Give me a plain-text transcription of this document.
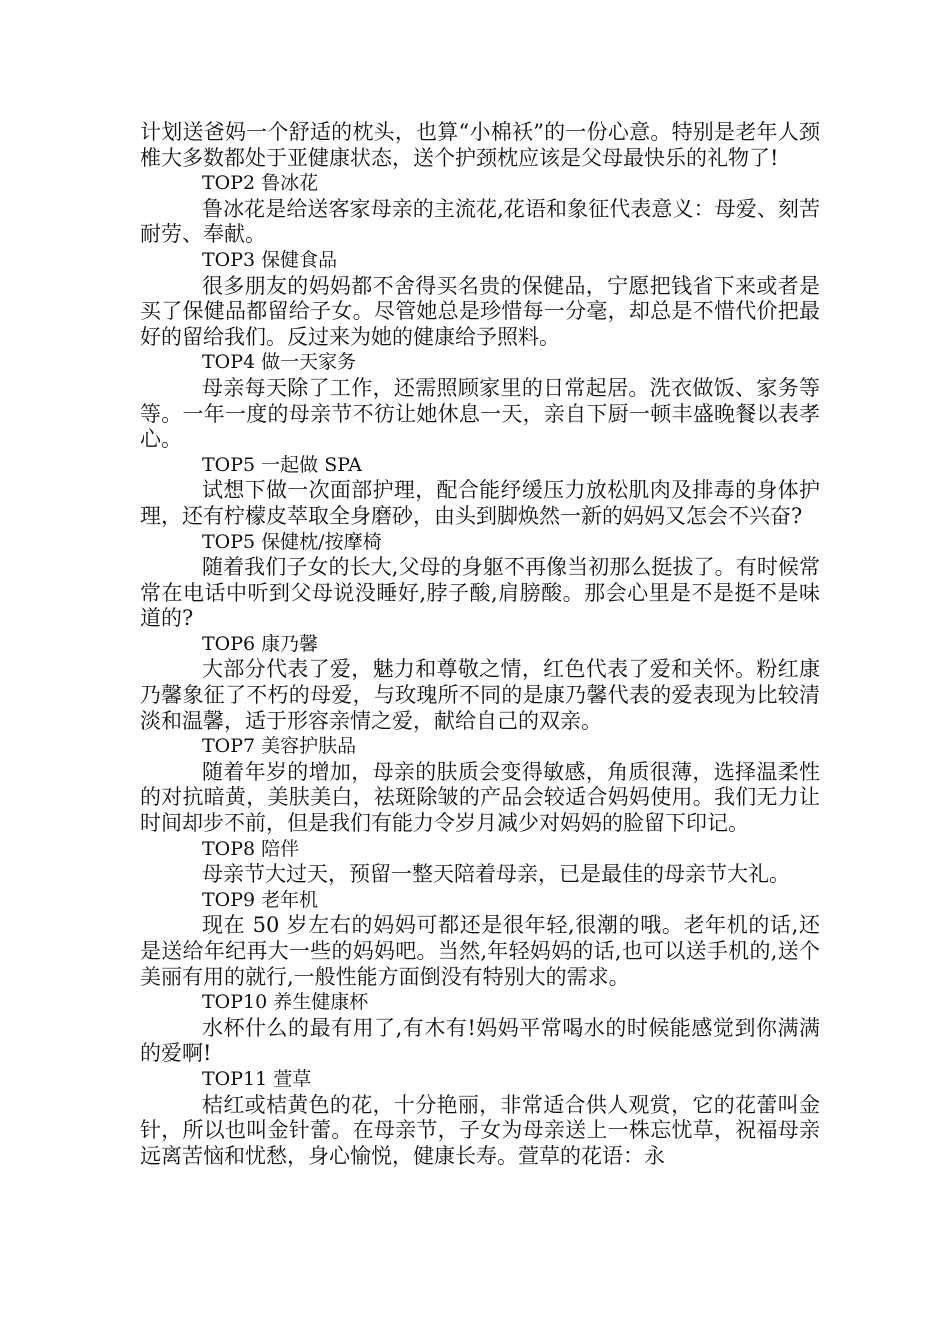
计划送爸妈一个舒适的枕头，也算“小棉袄”的一份心意。特别是老年人颈椎大多数都处于亚健康状态，送个护颈枕应该是父母最快乐的礼物了!

TOP2 鲁冰花

鲁冰花是给送客家母亲的主流花,花语和象征代表意义：母爱、刻苦耐劳、奉献。

TOP3 保健食品

很多朋友的妈妈都不舍得买名贵的保健品，宁愿把钱省下来或者是买了保健品都留给子女。尽管她总是珍惜每一分毫，却总是不惜代价把最好的留给我们。反过来为她的健康给予照料。

TOP4 做一天家务

母亲每天除了工作，还需照顾家里的日常起居。洗衣做饭、家务等等。一年一度的母亲节不彷让她休息一天，亲自下厨一顿丰盛晚餐以表孝心。

TOP5 一起做 SPA

试想下做一次面部护理，配合能纾缓压力放松肌肉及排毒的身体护理，还有柠檬皮萃取全身磨砂，由头到脚焕然一新的妈妈又怎会不兴奋?

TOP5 保健枕/按摩椅

随着我们子女的长大,父母的身躯不再像当初那么挺拔了。有时候常常在电话中听到父母说没睡好,脖子酸,肩膀酸。那会心里是不是挺不是味道的?

TOP6 康乃馨

大部分代表了爱，魅力和尊敬之情，红色代表了爱和关怀。粉红康乃馨象征了不朽的母爱，与玫瑰所不同的是康乃馨代表的爱表现为比较清淡和温馨，适于形容亲情之爱，献给自己的双亲。

TOP7 美容护肤品

随着年岁的增加，母亲的肤质会变得敏感，角质很薄，选择温柔性的对抗暗黄，美肤美白，祛斑除皱的产品会较适合妈妈使用。我们无力让时间却步不前，但是我们有能力令岁月减少对妈妈的脸留下印记。

TOP8 陪伴

母亲节大过天，预留一整天陪着母亲，已是最佳的母亲节大礼。

TOP9 老年机

现在 50 岁左右的妈妈可都还是很年轻,很潮的哦。老年机的话,还是送给年纪再大一些的妈妈吧。当然,年轻妈妈的话,也可以送手机的,送个美丽有用的就行,一般性能方面倒没有特别大的需求。

TOP10 养生健康杯

水杯什么的最有用了,有木有!妈妈平常喝水的时候能感觉到你满满的爱啊!

TOP11 萱草

桔红或桔黄色的花，十分艳丽，非常适合供人观赏，它的花蕾叫金针，所以也叫金针蕾。在母亲节，子女为母亲送上一株忘忧草，祝福母亲远离苦恼和忧愁，身心愉悦，健康长寿。萱草的花语：永
